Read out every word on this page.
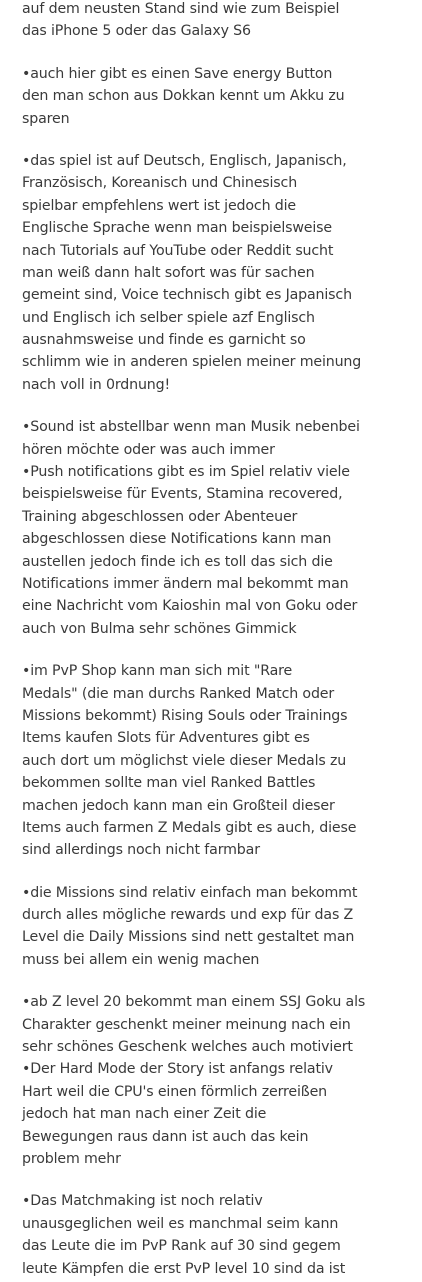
auf dem neusten Stand sind wie zum Beispiel
das iPhone 5 oder das Galaxy S6
•auch hier gibt es einen Save energy Button
den man schon aus Dokkan kennt um Akku zu
sparen
•das spiel ist auf Deutsch, Englisch, Japanisch,
Französisch, Koreanisch und Chinesisch
spielbar empfehlens wert ist jedoch die
Englische Sprache wenn man beispielsweise
nach Tutorials auf YouTube oder Reddit sucht
man weiß dann halt sofort was für sachen
gemeint sind, Voice technisch gibt es Japanisch
und Englisch ich selber spiele azf Englisch
ausnahmsweise und finde es garnicht so
schlimm wie in anderen spielen meiner meinung
nach voll in 0rdnung!
•Sound ist abstellbar wenn man Musik nebenbei
hören möchte oder was auch immer
•Push notifications gibt es im Spiel relativ viele
beispielsweise für Events, Stamina recovered,
Training abgeschlossen oder Abenteuer
abgeschlossen diese Notifications kann man
austellen jedoch finde ich es toll das sich die
Notifications immer ändern mal bekommt man
eine Nachricht vom Kaioshin mal von Goku oder
auch von Bulma sehr schönes Gimmick
•im PvP Shop kann man sich mit "Rare
Medals" (die man durchs Ranked Match oder
Missions bekommt) Rising Souls oder Trainings
Items kaufen Slots für Adventures gibt es
auch dort um möglichst viele dieser Medals zu
bekommen sollte man viel Ranked Battles
machen jedoch kann man ein Großteil dieser
Items auch farmen Z Medals gibt es auch, diese
sind allerdings noch nicht farmbar
•die Missions sind relativ einfach man bekommt
durch alles mögliche rewards und exp für das Z
Level die Daily Missions sind nett gestaltet man
muss bei allem ein wenig machen
•ab Z level 20 bekommt man einem SSJ Goku als
Charakter geschenkt meiner meinung nach ein
sehr schönes Geschenk welches auch motiviert
•Der Hard Mode der Story ist anfangs relativ
Hart weil die CPU's einen förmlich zerreißen
jedoch hat man nach einer Zeit die
Bewegungen raus dann ist auch das kein
problem mehr
•Das Matchmaking ist noch relativ
unausgeglichen weil es manchmal seim kann
das Leute die im PvP Rank auf 30 sind gegem
leute Kämpfen die erst PvP level 10 sind da ist
